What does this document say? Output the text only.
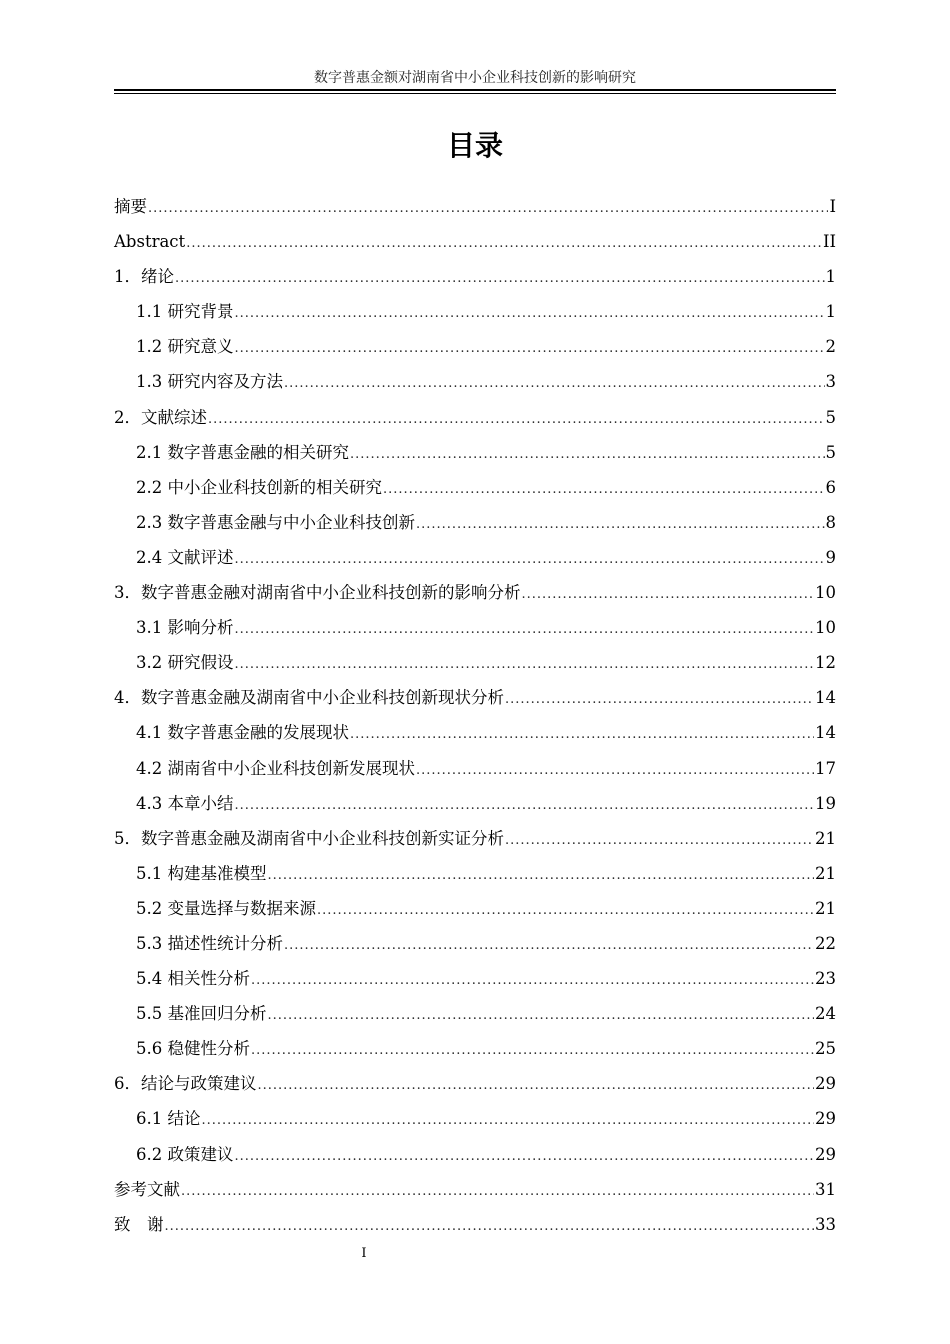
数字普惠金额对湖南省中小企业科技创新的影响研究
目录
摘要 .....	I
Abstract .....	II
1．绪论 .....	1
1.1 研究背景 .....	1
1.2 研究意义 .....	2
1.3 研究内容及方法 .....	3
2．文献综述 .....	5
2.1 数字普惠金融的相关研究 .....	5
2.2 中小企业科技创新的相关研究 .....	6
2.3 数字普惠金融与中小企业科技创新 .....	8
2.4 文献评述 .....	9
3．数字普惠金融对湖南省中小企业科技创新的影响分析 .....	10
3.1 影响分析 .....	10
3.2 研究假设 .....	12
4．数字普惠金融及湖南省中小企业科技创新现状分析 .....	14
4.1 数字普惠金融的发展现状 .....	14
4.2 湖南省中小企业科技创新发展现状 .....	17
4.3 本章小结 .....	19
5．数字普惠金融及湖南省中小企业科技创新实证分析 .....	21
5.1 构建基准模型 .....	21
5.2 变量选择与数据来源 .....	21
5.3 描述性统计分析 .....	22
5.4 相关性分析 .....	23
5.5 基准回归分析 .....	24
5.6 稳健性分析 .....	25
6．结论与政策建议 .....	29
6.1 结论 .....	29
6.2 政策建议 .....	29
参考文献 .....	31
致　谢 .....	33
I
